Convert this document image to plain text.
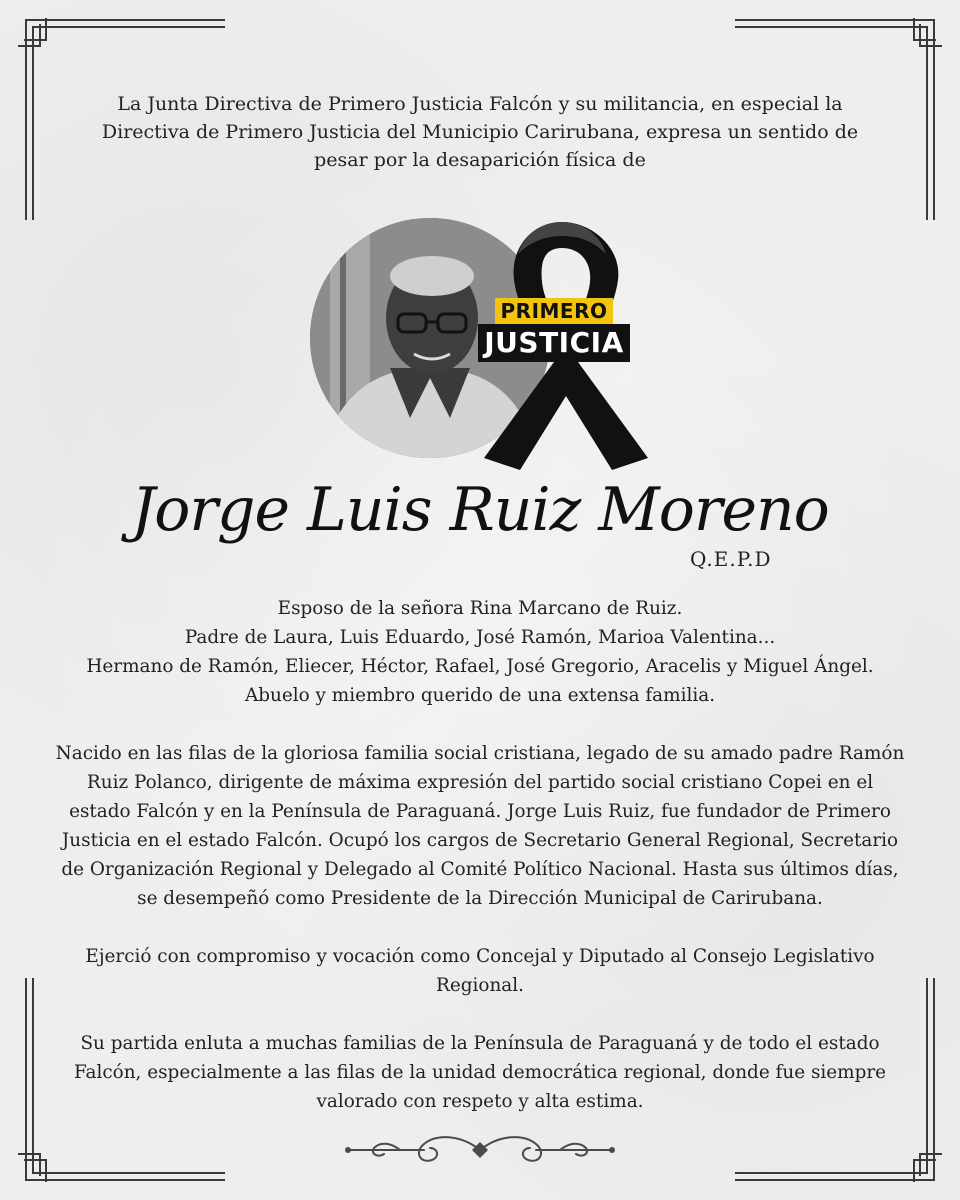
La Junta Directiva de Primero Justicia Falcón y su militancia, en especial la

Directiva de Primero Justicia del Municipio Carirubana, expresa un sentido de

pesar por la desaparición física de

PRIMERO
JUSTICIA
Jorge Luis Ruiz Moreno
Q.E.P.D

Esposo de la señora Rina Marcano de Ruiz.

Padre de Laura, Luis Eduardo, José Ramón, Marioa Valentina...

Hermano de Ramón, Eliecer, Héctor, Rafael, José Gregorio, Aracelis y Miguel Ángel.

Abuelo y miembro querido de una extensa familia.

Nacido en las filas de la gloriosa familia social cristiana, legado de su amado padre Ramón

Ruiz Polanco, dirigente de máxima expresión del partido social cristiano Copei en el

estado Falcón y en la Península de Paraguaná. Jorge Luis Ruiz, fue fundador de Primero

Justicia en el estado Falcón. Ocupó los cargos de Secretario General Regional, Secretario

de Organización Regional y Delegado al Comité Político Nacional. Hasta sus últimos días,

se desempeñó como Presidente de la Dirección Municipal de Carirubana.

Ejerció con compromiso y vocación como Concejal y Diputado al Consejo Legislativo

Regional.

Su partida enluta a muchas familias de la Península de Paraguaná y de todo el estado

Falcón, especialmente a las filas de la unidad democrática regional, donde fue siempre

valorado con respeto y alta estima.
